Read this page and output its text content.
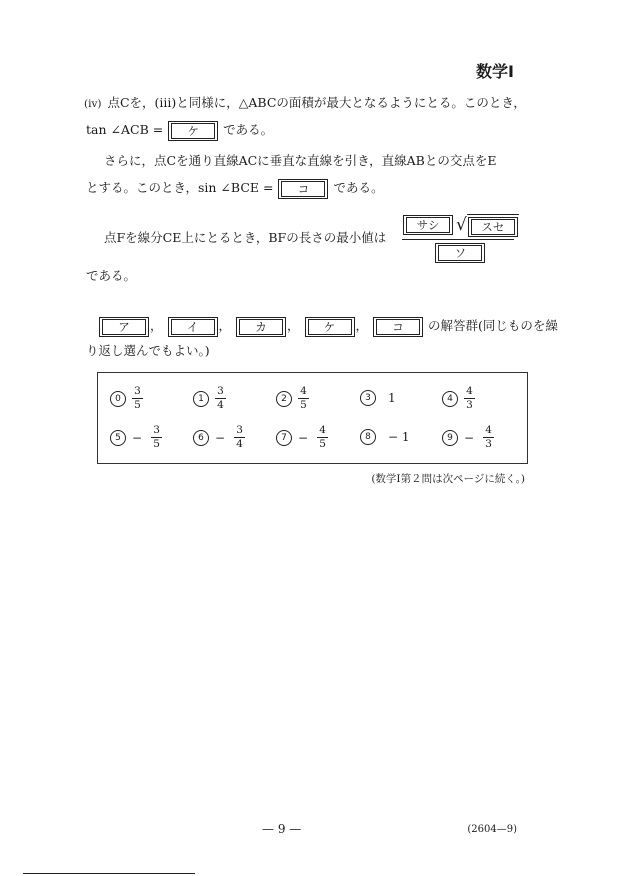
数学Ⅰ
(iv) 点Cを，(iii)と同様に，△ABCの面積が最大となるようにとる。このとき，
tan ∠ACB = ケ である。
さらに，点Cを通り直線ACに垂直な直線を引き，直線ABとの交点をE
とする。このとき，sin ∠BCE = コ である。
点Fを線分CE上にとるとき，BFの長さの最小値は
サシ √	スセ
ソ
である。
ア ， イ ， カ ， ケ ， コ の解答群(同じものを繰
り返し選んでもよい。)
0	$\frac{3}{5}$	1	$\frac{3}{4}$	2	$\frac{4}{5}$	3	1	4	$\frac{4}{3}$
$5 - \frac{3}{5}$	$6 - \frac{3}{4}$	$7 - \frac{4}{5}$	8	− 1	$9 - \frac{4}{3}$
(数学Ⅰ第２問は次ページに続く。)
— 9 —	(2604—9)
